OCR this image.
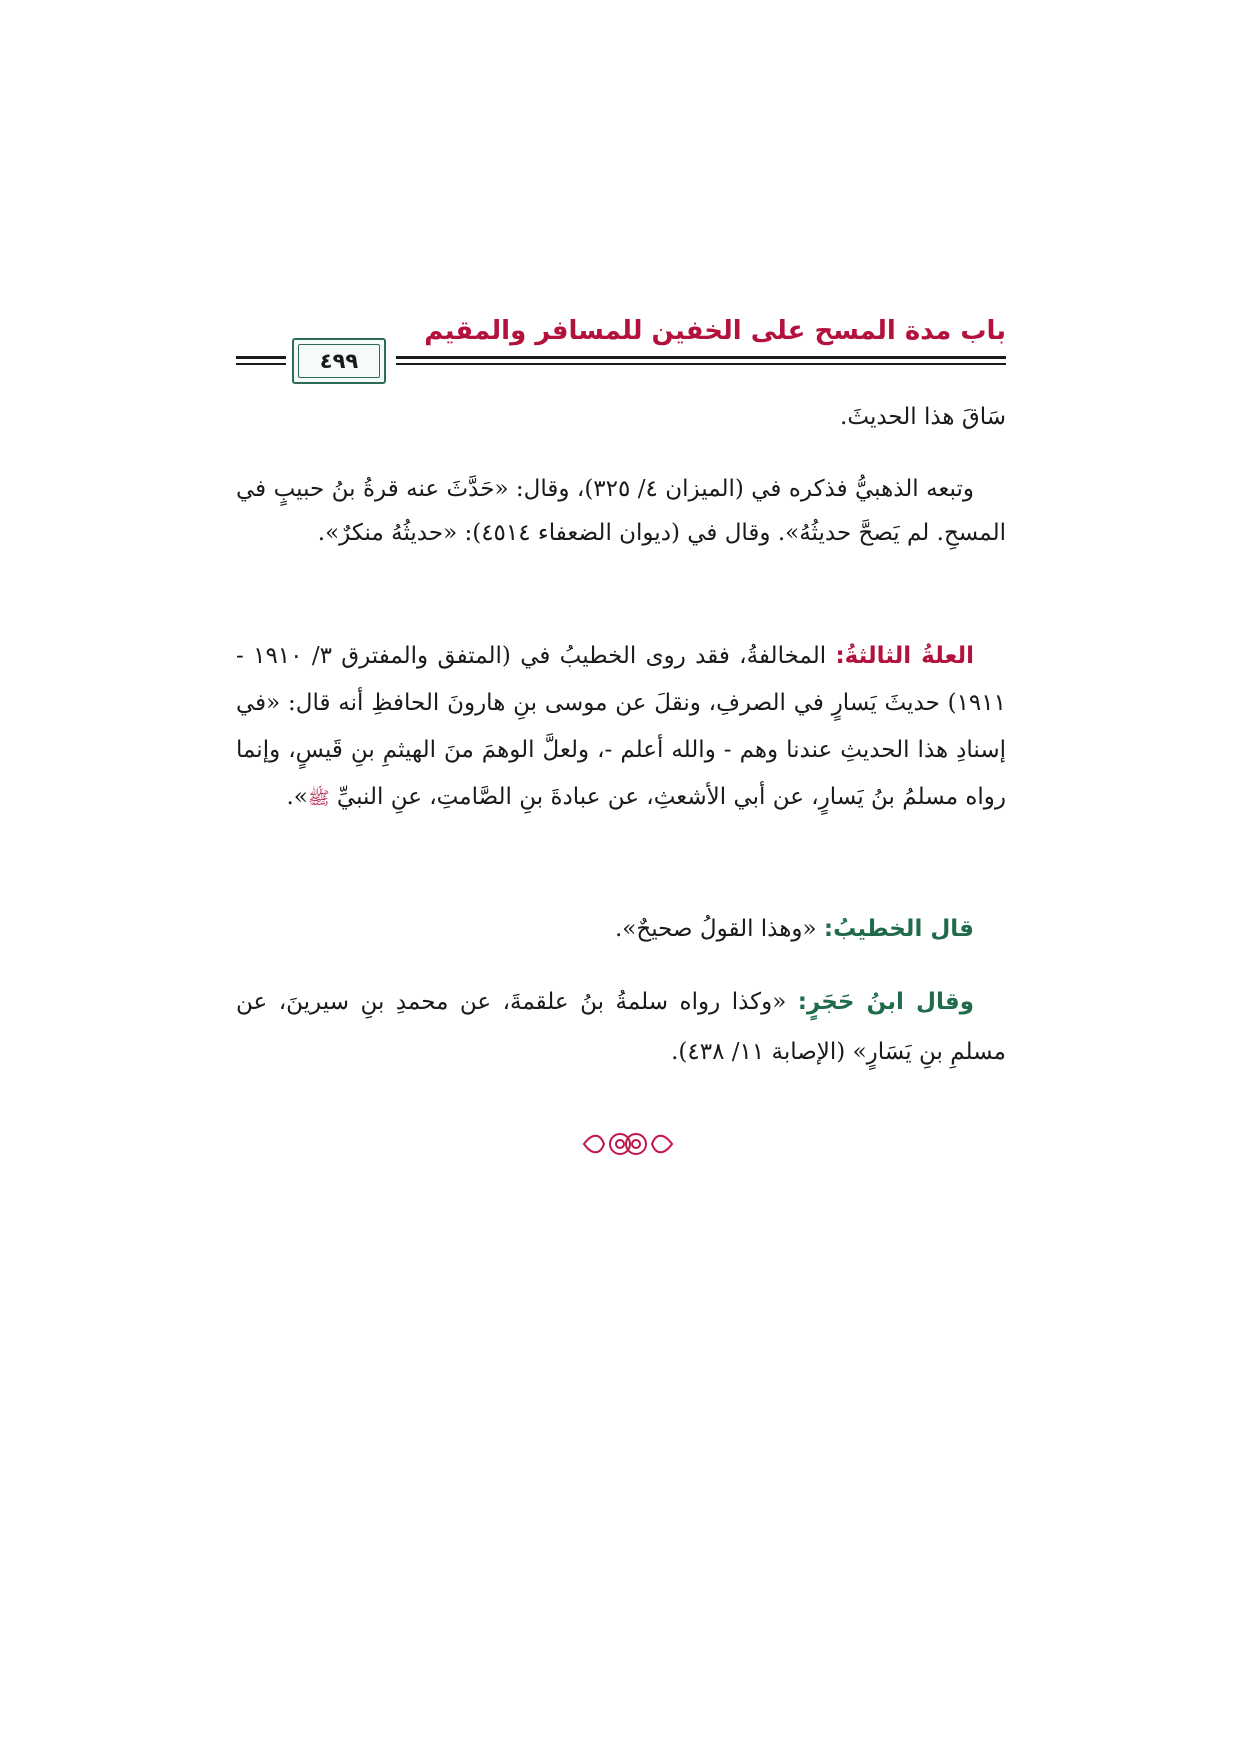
باب مدة المسح على الخفين للمسافر والمقيم
٤٩٩
سَاقَ هذا الحديثَ.
وتبعه الذهبيُّ فذكره في (الميزان ٤/ ٣٢٥)، وقال: «حَدَّثَ عنه قرةُ بنُ حبيبٍ في المسحِ. لم يَصحَّ حديثُهُ». وقال في (ديوان الضعفاء ٤٥١٤): «حديثُهُ منكرٌ».
العلةُ الثالثةُ: المخالفةُ، فقد روى الخطيبُ في (المتفق والمفترق ٣/ ١٩١٠ - ١٩١١) حديثَ يَسارٍ في الصرفِ، ونقلَ عن موسى بنِ هارونَ الحافظِ أنه قال: «في إسنادِ هذا الحديثِ عندنا وهم - والله أعلم -، ولعلَّ الوهمَ منَ الهيثمِ بنِ قَيسٍ، وإنما رواه مسلمُ بنُ يَسارٍ، عن أبي الأشعثِ، عن عبادةَ بنِ الصَّامتِ، عنِ النبيِّ ﷺ».
قال الخطيبُ: «وهذا القولُ صحيحٌ».
وقال ابنُ حَجَرٍ: «وكذا رواه سلمةُ بنُ علقمةَ، عن محمدِ بنِ سيرينَ، عن مسلمِ بنِ يَسَارٍ» (الإصابة ١١/ ٤٣٨).
